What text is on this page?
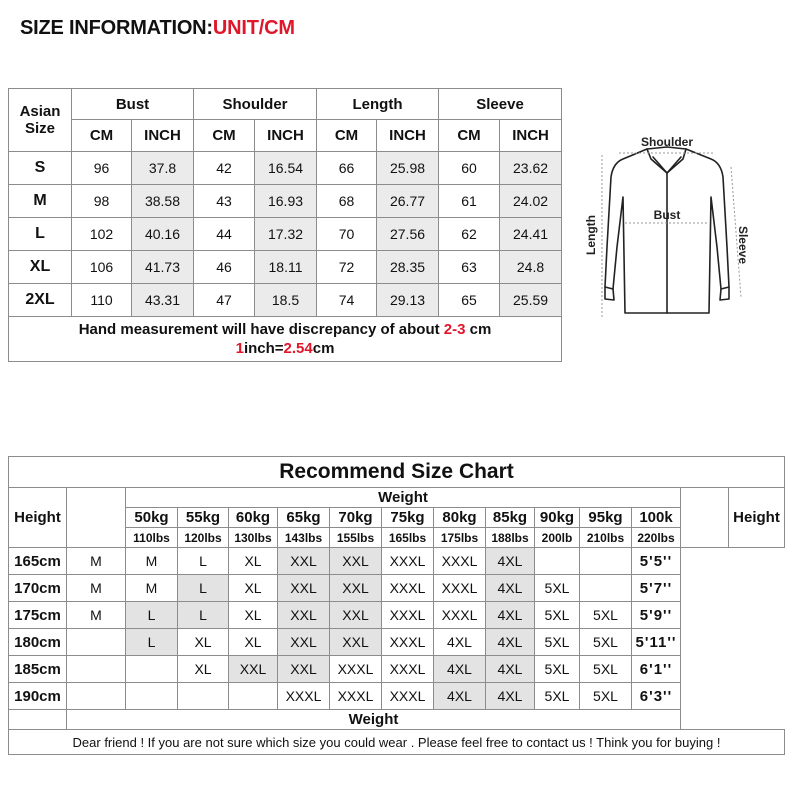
SIZE INFORMATION:UNIT/CM
Asian
Size	Bust		Shoulder		Length		Sleeve	
	CM	INCH	CM	INCH	CM	INCH	CM	INCH
S	96	37.8	42	16.54	66	25.98	60	23.62
M	98	38.58	43	16.93	68	26.77	61	24.02
L	102	40.16	44	17.32	70	27.56	62	24.41
XL	106	41.73	46	18.11	72	28.35	63	24.8
2XL	110	43.31	47	18.5	74	29.13	65	25.59
Hand measurement will have discrepancy of about 2-3 cm
1inch=2.54cm								
Shoulder
Bust
Length	Sleeve
Recommend Size Chart														
Height		Weight												Height
		50kg	55kg	60kg	65kg	70kg	75kg	80kg	85kg	90kg	95kg	100k		
		110lbs	120lbs	130lbs	143lbs	155lbs	165lbs	175lbs	188lbs	200lb	210lbs	220lbs		
165cm	M	M	L	XL	XXL	XXL	XXXL	XXXL	4XL			5'5''		
170cm	M	M	L	XL	XXL	XXL	XXXL	XXXL	4XL	5XL		5'7''		
175cm	M	L	L	XL	XXL	XXL	XXXL	XXXL	4XL	5XL	5XL	5'9''		
180cm		L	XL	XL	XXL	XXL	XXXL	4XL	4XL	5XL	5XL	5'11''		
185cm			XL	XXL	XXL	XXXL	XXXL	4XL	4XL	5XL	5XL	6'1''		
190cm					XXXL	XXXL	XXXL	4XL	4XL	5XL	5XL	6'3''		
	Weight													
Dear friend ! If you are not sure which size you could wear . Please feel free to contact us ! Think you for buying !														
